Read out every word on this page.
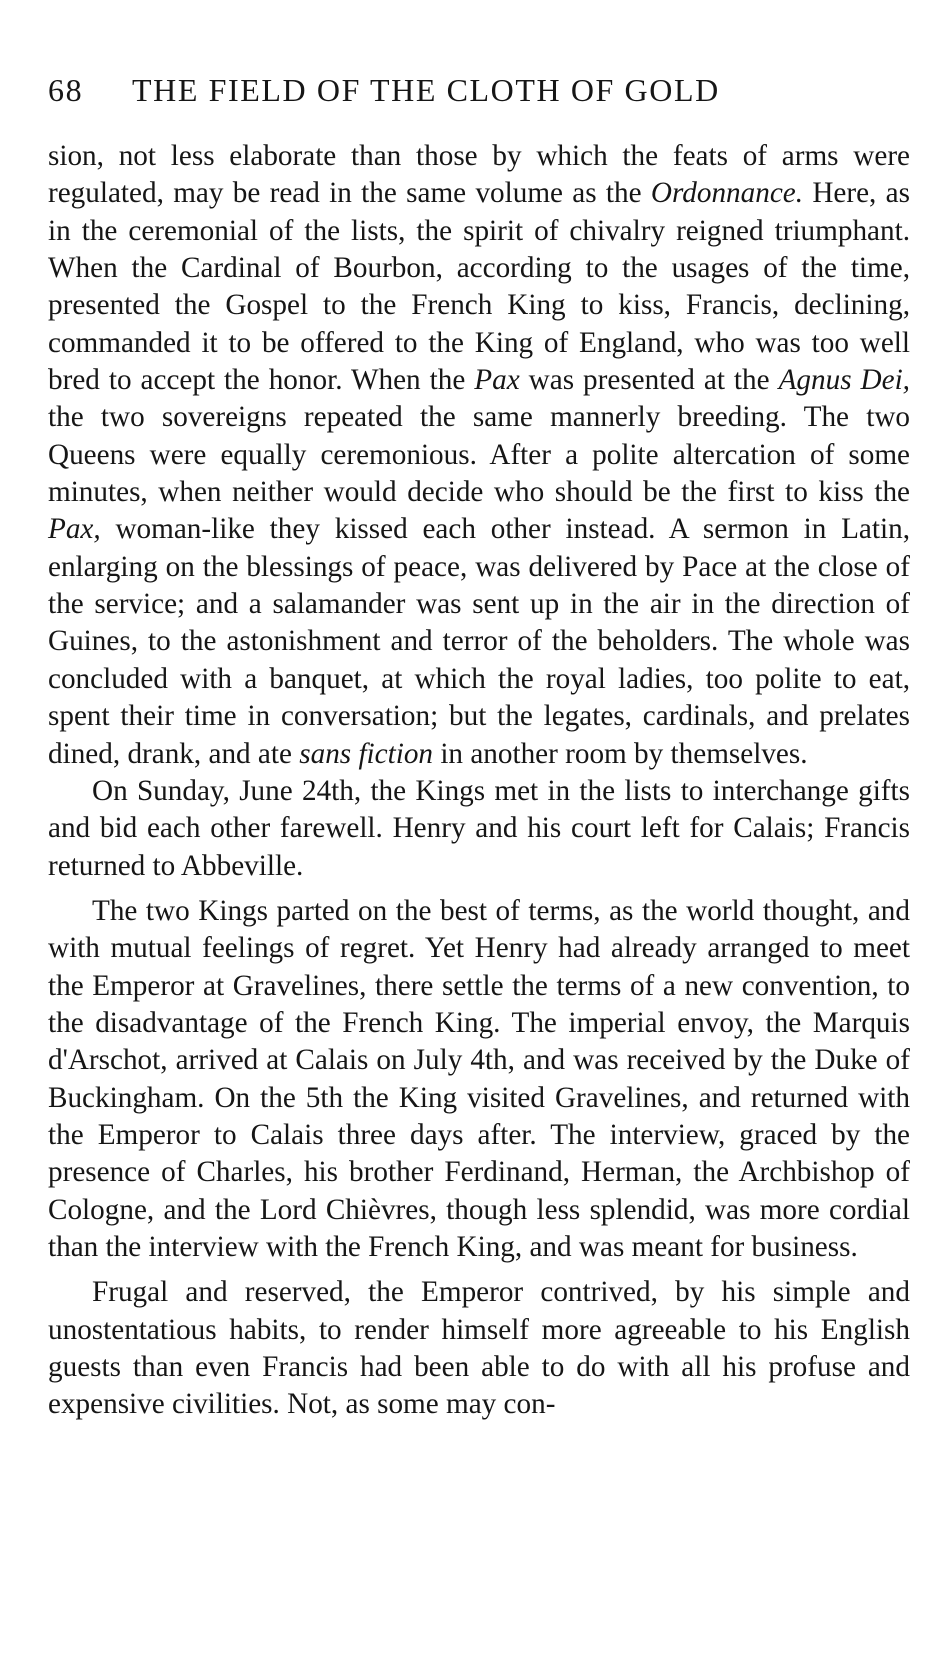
68 THE FIELD OF THE CLOTH OF GOLD

sion, not less elaborate than those by which the feats of arms were regulated, may be read in the same volume as the Ordonnance. Here, as in the ceremonial of the lists, the spirit of chivalry reigned triumphant. When the Cardinal of Bourbon, according to the usages of the time, presented the Gospel to the French King to kiss, Francis, declining, commanded it to be offered to the King of England, who was too well bred to accept the honor. When the Pax was presented at the Agnus Dei, the two sovereigns repeated the same mannerly breeding. The two Queens were equally ceremonious. After a polite altercation of some minutes, when neither would decide who should be the first to kiss the Pax, woman-like they kissed each other instead. A sermon in Latin, enlarging on the blessings of peace, was delivered by Pace at the close of the service; and a salamander was sent up in the air in the direction of Guines, to the astonishment and terror of the beholders. The whole was concluded with a banquet, at which the royal ladies, too polite to eat, spent their time in conversation; but the legates, cardinals, and prelates dined, drank, and ate sans fiction in another room by themselves.

On Sunday, June 24th, the Kings met in the lists to interchange gifts and bid each other farewell. Henry and his court left for Calais; Francis returned to Abbeville.

The two Kings parted on the best of terms, as the world thought, and with mutual feelings of regret. Yet Henry had already arranged to meet the Emperor at Gravelines, there settle the terms of a new convention, to the disadvantage of the French King. The imperial envoy, the Marquis d'Arschot, arrived at Calais on July 4th, and was received by the Duke of Buckingham. On the 5th the King visited Gravelines, and returned with the Emperor to Calais three days after. The interview, graced by the presence of Charles, his brother Ferdinand, Herman, the Archbishop of Cologne, and the Lord Chièvres, though less splendid, was more cordial than the interview with the French King, and was meant for business.

Frugal and reserved, the Emperor contrived, by his simple and unostentatious habits, to render himself more agreeable to his English guests than even Francis had been able to do with all his profuse and expensive civilities. Not, as some may con-
